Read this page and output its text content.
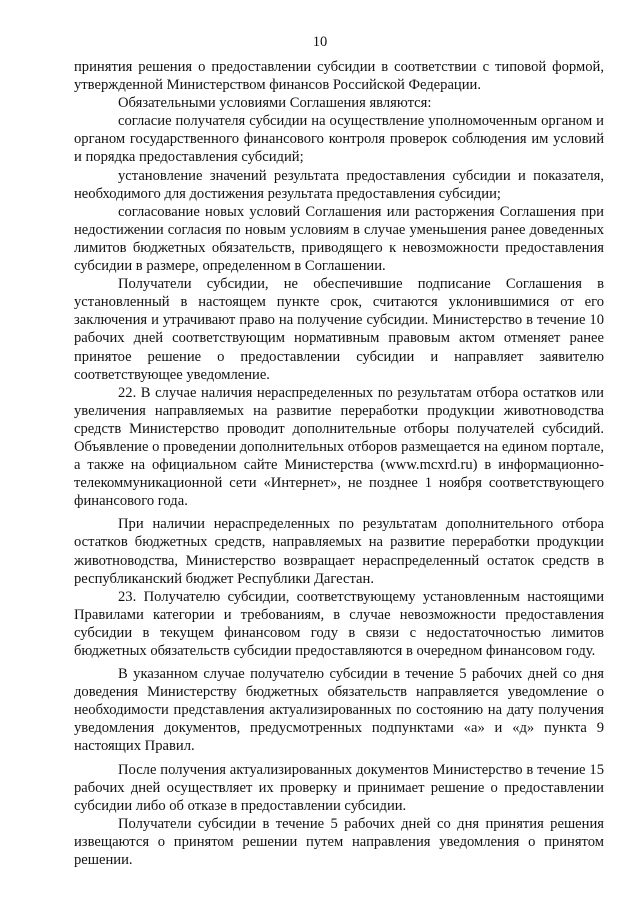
10

принятия решения о предоставлении субсидии в соответствии с типовой формой, утвержденной Министерством финансов Российской Федерации.

Обязательными условиями Соглашения являются:

согласие получателя субсидии на осуществление уполномоченным органом и органом государственного финансового контроля проверок соблюдения им условий и порядка предоставления субсидий;

установление значений результата предоставления субсидии и показателя, необходимого для достижения результата предоставления субсидии;

согласование новых условий Соглашения или расторжения Соглашения при недостижении согласия по новым условиям в случае уменьшения ранее доведенных лимитов бюджетных обязательств, приводящего к невозможности предоставления субсидии в размере, определенном в Соглашении.

Получатели субсидии, не обеспечившие подписание Соглашения в установленный в настоящем пункте срок, считаются уклонившимися от его заключения и утрачивают право на получение субсидии. Министерство в течение 10 рабочих дней соответствующим нормативным правовым актом отменяет ранее принятое решение о предоставлении субсидии и направляет заявителю соответствующее уведомление.

22. В случае наличия нераспределенных по результатам отбора остатков или увеличения направляемых на развитие переработки продукции животноводства средств Министерство проводит дополнительные отборы получателей субсидий. Объявление о проведении дополнительных отборов размещается на едином портале, а также на официальном сайте Министерства (www.mcxrd.ru) в информационно-телекоммуникационной сети «Интернет», не позднее 1 ноября соответствующего финансового года.

При наличии нераспределенных по результатам дополнительного отбора остатков бюджетных средств, направляемых на развитие переработки продукции животноводства, Министерство возвращает нераспределенный остаток средств в республиканский бюджет Республики Дагестан.

23. Получателю субсидии, соответствующему установленным настоящими Правилами категории и требованиям, в случае невозможности предоставления субсидии в текущем финансовом году в связи с недостаточностью лимитов бюджетных обязательств субсидии предоставляются в очередном финансовом году.

В указанном случае получателю субсидии в течение 5 рабочих дней со дня доведения Министерству бюджетных обязательств направляется уведомление о необходимости представления актуализированных по состоянию на дату получения уведомления документов, предусмотренных подпунктами «а» и «д» пункта 9 настоящих Правил.

После получения актуализированных документов Министерство в течение 15 рабочих дней осуществляет их проверку и принимает решение о предоставлении субсидии либо об отказе в предоставлении субсидии.

Получатели субсидии в течение 5 рабочих дней со дня принятия решения извещаются о принятом решении путем направления уведомления о принятом решении.
